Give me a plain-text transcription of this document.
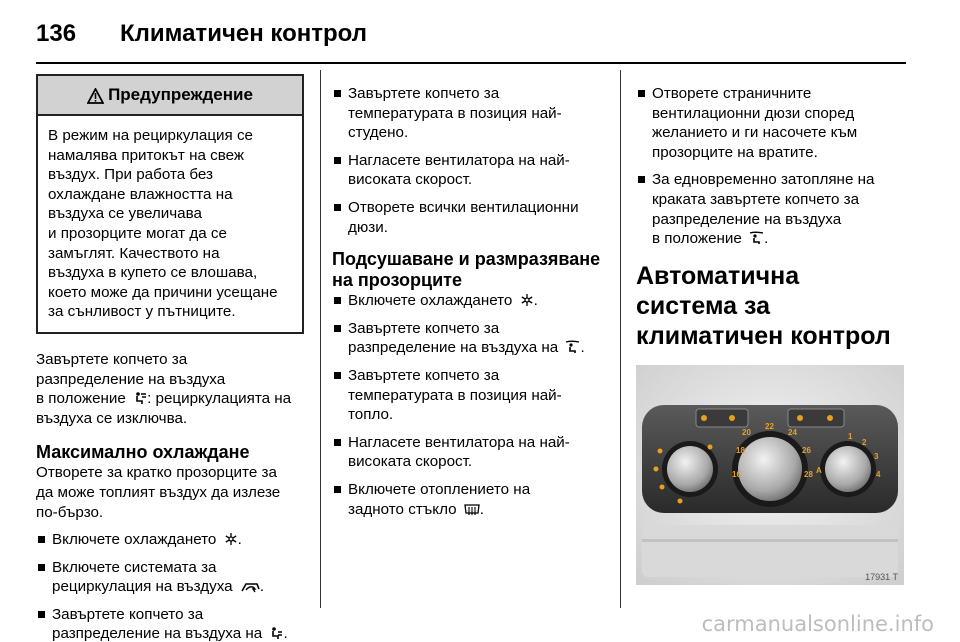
136 Климатичен контрол
Предупреждение
В режим на рециркулация се
намалява притокът на свеж
въздух. При работа без
охлаждане влажността на
въздуха се увеличава
и прозорците могат да се
замъглят. Качеството на
въздуха в купето се влошава,
което може да причини усещане
за сънливост у пътниците.

Завъртете копчето за
разпределение на въздуха
в положение : рециркулацията на
въздуха се изключва.

Максимално охлаждане

Отворете за кратко прозорците за
да може топлият въздух да излезе
по-бързо.

Включете охлаждането .
Включете системата за
рециркулация на въздуха .
Завъртете копчето за
разпределение на въздуха на .
Завъртете копчето за
температурата в позиция най-
студено.
Нагласете вентилатора на най-
високата скорост.
Отворете всички вентилационни
дюзи.
Подсушаване и размразяване
на прозорците
Включете охлаждането .
Завъртете копчето за
разпределение на въздуха на .
Завъртете копчето за
температурата в позиция най-
топло.
Нагласете вентилатора на най-
високата скорост.
Включете отоплението на
задното стъкло .
Отворете страничните
вентилационни дюзи според
желанието и ги насочете към
прозорците на вратите.
За едновременно затопляне на
краката завъртете копчето за
разпределение на въздуха
в положение .
Автоматична система за
климатичен контрол
22
24
26
28
18
20
16
1
2
3
4
A
17931 T
carmanualsonline.info
